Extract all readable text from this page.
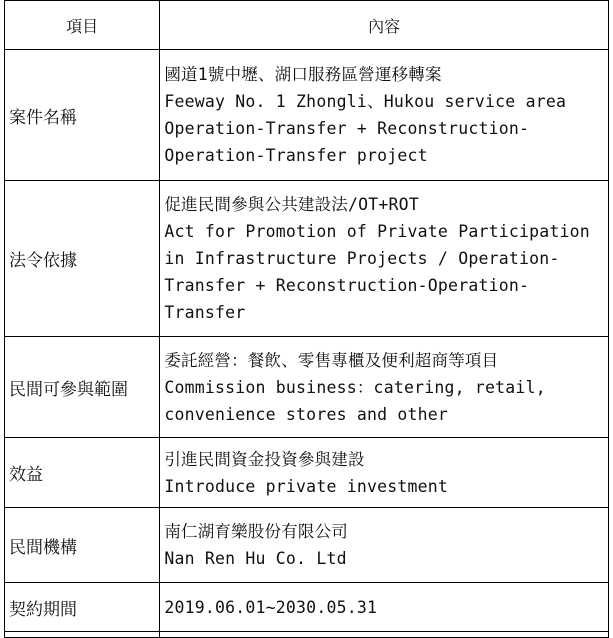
項目	內容
案件名稱	國道1號中壢、湖口服務區營運移轉案
Feeway No. 1 Zhongli、Hukou service area
Operation-Transfer + Reconstruction-
Operation-Transfer project

法令依據	促進民間參與公共建設法/OT+ROT
Act for Promotion of Private Participation
in Infrastructure Projects / Operation-
Transfer + Reconstruction-Operation-
Transfer

民間可參與範圍	委託經營：餐飲、零售專櫃及便利超商等項目
Commission business：catering, retail,
convenience stores and other

效益	引進民間資金投資參與建設
Introduce private investment

民間機構	南仁湖育樂股份有限公司
Nan Ren Hu Co. Ltd

契約期間	2019.06.01~2030.05.31
